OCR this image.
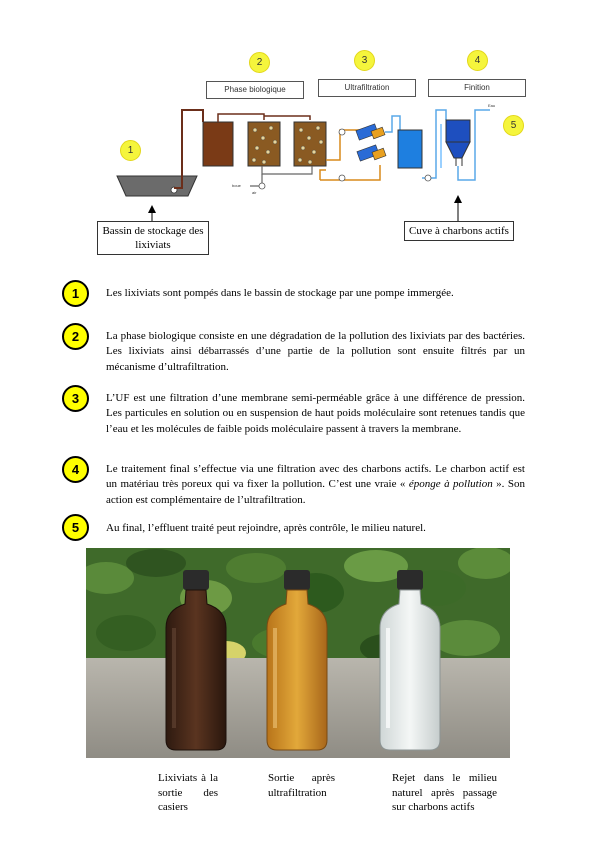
1
2	3	4
5
Phase biologique	Ultrafiltration	Finition
Eau
boue
air
Bassin de stockage des lixiviats
Cuve à charbons actifs
1	Les lixiviats sont pompés dans le bassin de stockage par une pompe immergée.
2	La phase biologique consiste en une dégradation de la pollution des lixiviats par des bactéries. Les lixiviats ainsi débarrassés d’une partie de la pollution sont ensuite filtrés par un mécanisme d’ultrafiltration.
3	L’UF est une filtration d’une membrane semi-perméable grâce à une différence de pression. Les particules en solution ou en suspension de haut poids moléculaire sont retenues tandis que l’eau et les molécules de faible poids moléculaire passent à travers la membrane.
4	Le traitement final s’effectue via une filtration avec des charbons actifs. Le charbon actif est un matériau très poreux qui va fixer la pollution. C’est une vraie « éponge à pollution ». Son action est complémentaire de l’ultrafiltration.
5	Au final, l’effluent traité peut rejoindre, après contrôle, le milieu naturel.
Lixiviats à la sortie des casiers
Sortie après ultrafiltration
Rejet dans le milieu naturel après passage sur charbons actifs
